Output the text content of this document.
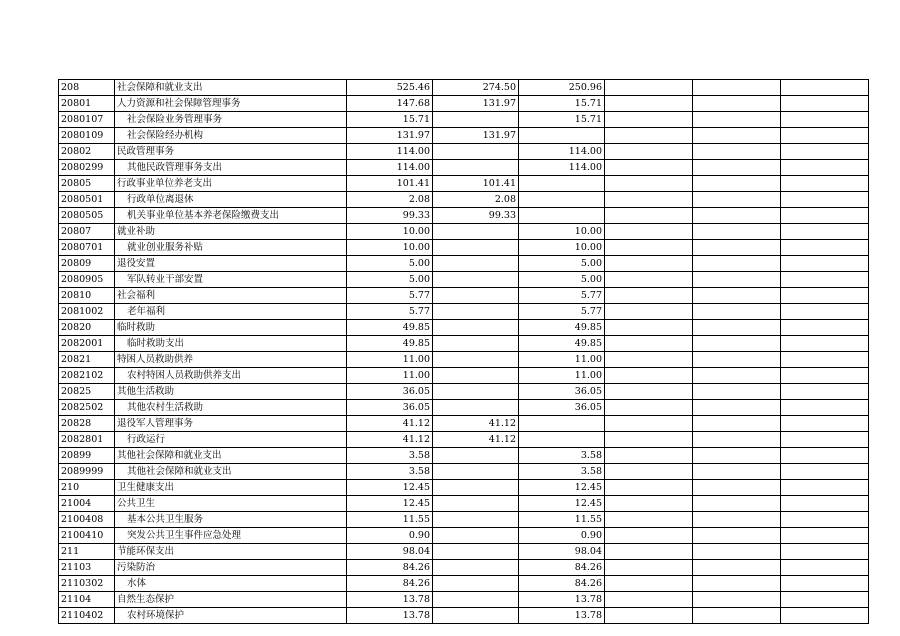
208	社会保障和就业支出	525.46	274.50	250.96			
20801	人力资源和社会保障管理事务	147.68	131.97	15.71			
2080107	社会保险业务管理事务	15.71		15.71			
2080109	社会保险经办机构	131.97	131.97				
20802	民政管理事务	114.00		114.00			
2080299	其他民政管理事务支出	114.00		114.00			
20805	行政事业单位养老支出	101.41	101.41				
2080501	行政单位离退休	2.08	2.08				
2080505	机关事业单位基本养老保险缴费支出	99.33	99.33				
20807	就业补助	10.00		10.00			
2080701	就业创业服务补贴	10.00		10.00			
20809	退役安置	5.00		5.00			
2080905	军队转业干部安置	5.00		5.00			
20810	社会福利	5.77		5.77			
2081002	老年福利	5.77		5.77			
20820	临时救助	49.85		49.85			
2082001	临时救助支出	49.85		49.85			
20821	特困人员救助供养	11.00		11.00			
2082102	农村特困人员救助供养支出	11.00		11.00			
20825	其他生活救助	36.05		36.05			
2082502	其他农村生活救助	36.05		36.05			
20828	退役军人管理事务	41.12	41.12				
2082801	行政运行	41.12	41.12				
20899	其他社会保障和就业支出	3.58		3.58			
2089999	其他社会保障和就业支出	3.58		3.58			
210	卫生健康支出	12.45		12.45			
21004	公共卫生	12.45		12.45			
2100408	基本公共卫生服务	11.55		11.55			
2100410	突发公共卫生事件应急处理	0.90		0.90			
211	节能环保支出	98.04		98.04			
21103	污染防治	84.26		84.26			
2110302	水体	84.26		84.26			
21104	自然生态保护	13.78		13.78			
2110402	农村环境保护	13.78		13.78			
